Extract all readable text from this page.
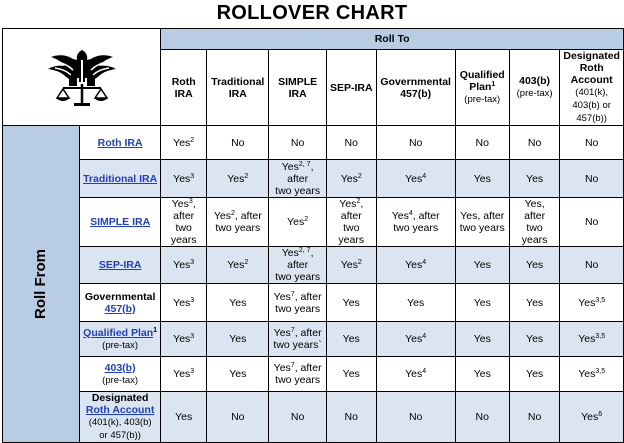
ROLLOVER CHART
	Roll To							
		Roth IRA	Traditional
IRA	SIMPLE IRA	SEP-IRA	Governmental
457(b)	Qualified
Plan$^1$
(pre-tax)	403(b)
(pre-tax)	Designated
Roth Account
(401(k),
403(b) or
457(b))
Roll From	Roth IRA	Yes$^2$	No	No	No	No	No	No	No
	Traditional IRA	Yes$^3$	Yes$^2$	Yes$^{2, 7}$, after
two years	Yes$^2$	Yes$^4$	Yes	Yes	No
	SIMPLE IRA	Yes$^3$, after
two years	Yes$^2$, after
two years	Yes$^2$	Yes$^2$, after
two years	Yes$^4$, after
two years	Yes, after
two years	Yes, after
two years	No
	SEP-IRA	Yes$^3$	Yes$^2$	Yes$^{2, 7}$, after
two years	Yes$^2$	Yes$^4$	Yes	Yes	No
	Governmental
457(b)	Yes$^3$	Yes	Yes$^7$, after
two years	Yes	Yes	Yes	Yes	Yes$^{3,5}$
	Qualified Plan$^1$
(pre-tax)	Yes$^3$	Yes	Yes$^7$, after
two years`	Yes	Yes$^4$	Yes	Yes	Yes$^{3,5}$
	403(b)
(pre-tax)	Yes$^3$	Yes	Yes$^7$, after
two years	Yes	Yes$^4$	Yes	Yes	Yes$^{3,5}$
	Designated
Roth Account
(401(k), 403(b)
or 457(b))	Yes	No	No	No	No	No	No	Yes$^6$
